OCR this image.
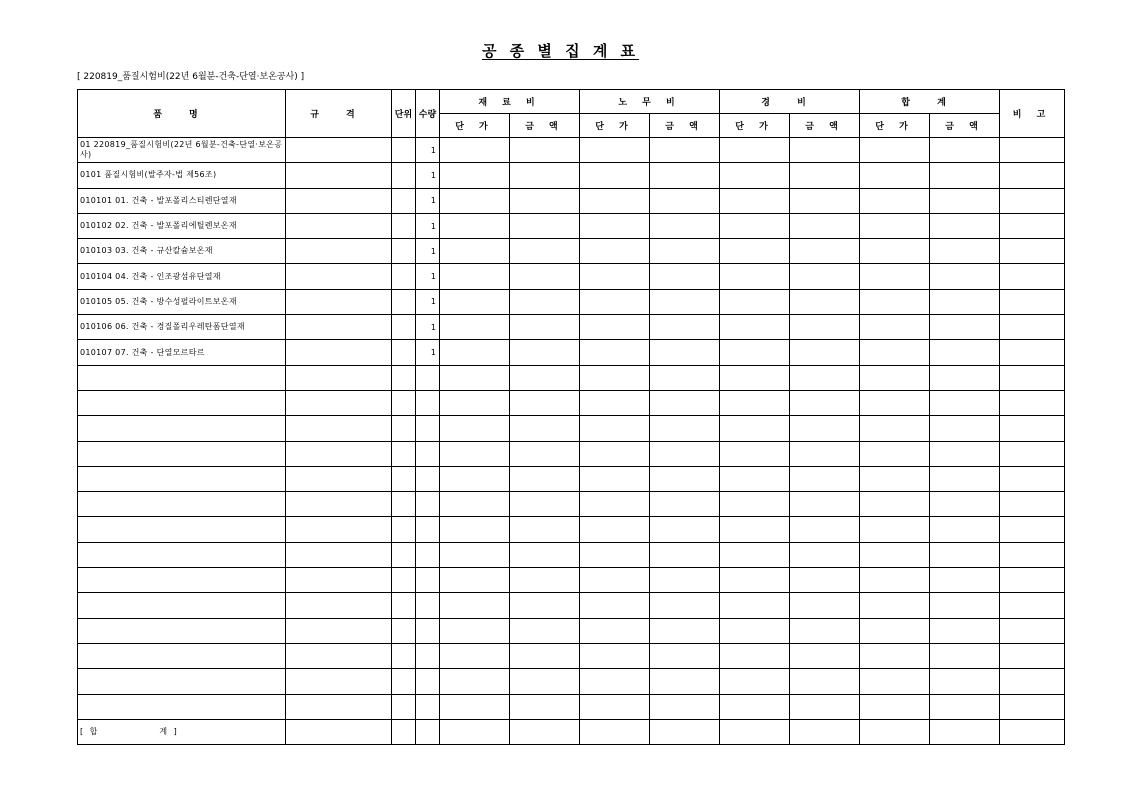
공 종 별 집 계 표
[ 220819_품질시험비(22년 6월분-건축-단열·보온공사) ]
품 명	규 격	단위	수량	재 료 비		노 무 비		경 비		합 계		비 고
				단 가	금 액	단 가	금 액	단 가	금 액	단 가	금 액	
01 220819_품질시험비(22년 6월분-건축-단열·보온공사)			1									
0101 품질시험비(발주자-법 제56조)			1									
010101 01. 건축 - 발포폴리스티렌단열재			1									
010102 02. 건축 - 발포폴리에틸렌보온재			1									
010103 03. 건축 - 규산칼슘보온재			1									
010104 04. 건축 - 인조광섬유단열재			1									
010105 05. 건축 - 방수성펄라이트보온재			1									
010106 06. 건축 - 경질폴리우레탄폼단열재			1									
010107 07. 건축 - 단열모르타르			1									

[ 합 계 ]												
